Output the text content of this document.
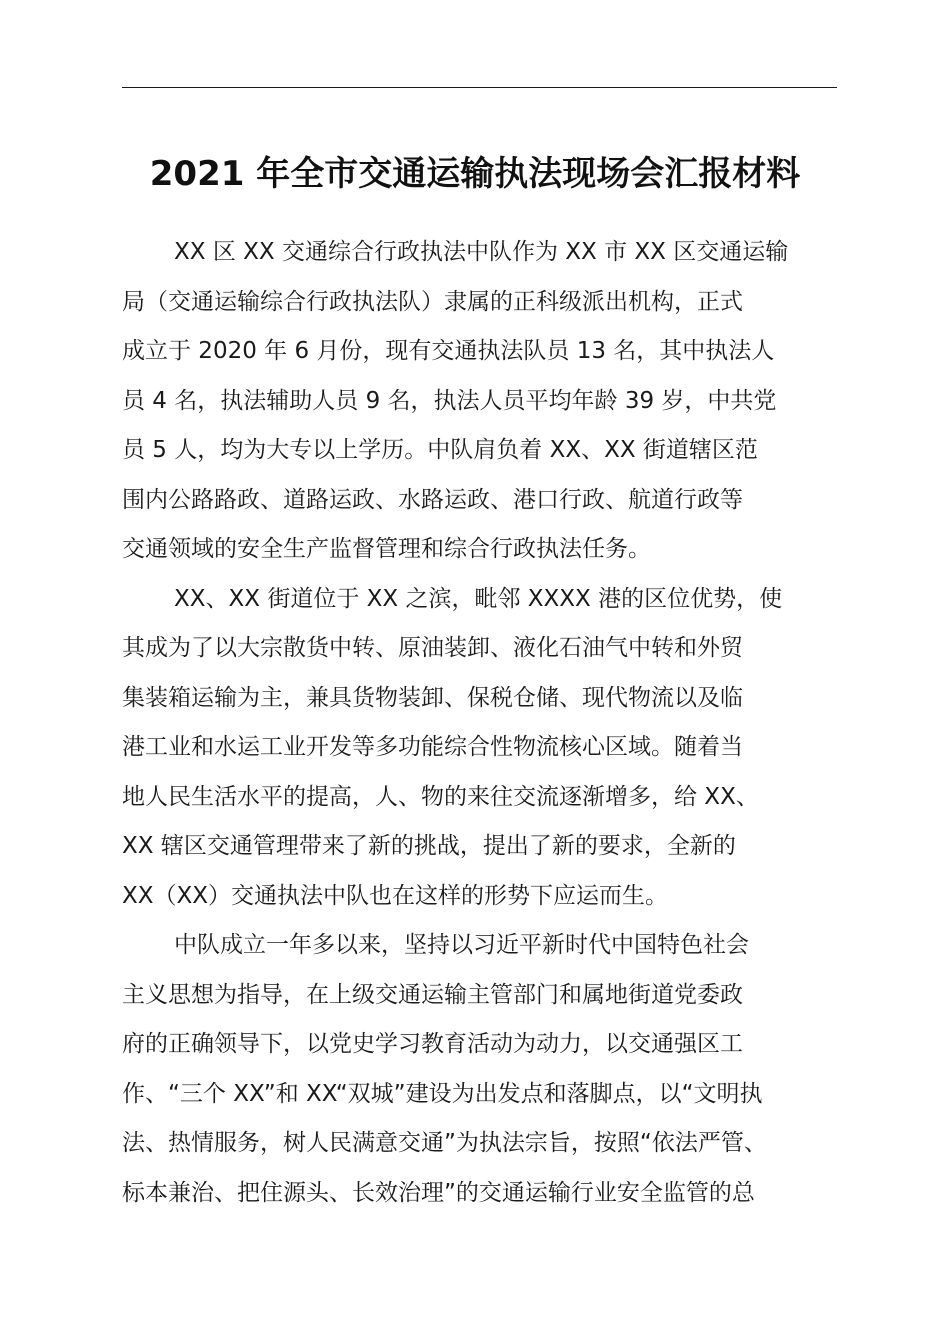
2021 年全市交通运输执法现场会汇报材料

XX 区 XX 交通综合行政执法中队作为 XX 市 XX 区交通运输
局（交通运输综合行政执法队）隶属的正科级派出机构，正式
成立于 2020 年 6 月份，现有交通执法队员 13 名，其中执法人
员 4 名，执法辅助人员 9 名，执法人员平均年龄 39 岁，中共党
员 5 人，均为大专以上学历。中队肩负着 XX、XX 街道辖区范
围内公路路政、道路运政、水路运政、港口行政、航道行政等
交通领域的安全生产监督管理和综合行政执法任务。

XX、XX 街道位于 XX 之滨，毗邻 XXXX 港的区位优势，使
其成为了以大宗散货中转、原油装卸、液化石油气中转和外贸
集装箱运输为主，兼具货物装卸、保税仓储、现代物流以及临
港工业和水运工业开发等多功能综合性物流核心区域。随着当
地人民生活水平的提高，人、物的来往交流逐渐增多，给 XX、
XX 辖区交通管理带来了新的挑战，提出了新的要求，全新的
XX（XX）交通执法中队也在这样的形势下应运而生。

中队成立一年多以来，坚持以习近平新时代中国特色社会
主义思想为指导，在上级交通运输主管部门和属地街道党委政
府的正确领导下，以党史学习教育活动为动力，以交通强区工
作、“三个 XX”和 XX“双城”建设为出发点和落脚点，以“文明执
法、热情服务，树人民满意交通”为执法宗旨，按照“依法严管、
标本兼治、把住源头、长效治理”的交通运输行业安全监管的总
